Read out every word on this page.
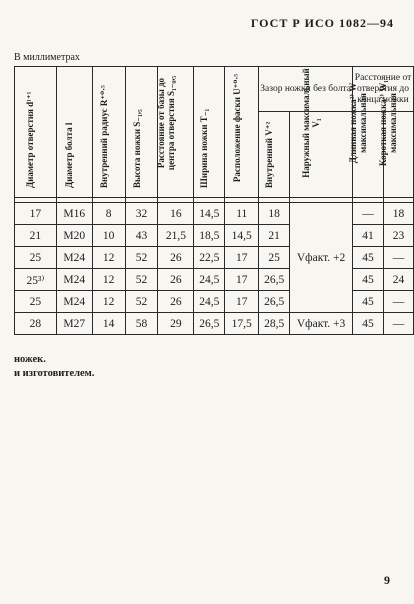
ГОСТ Р ИСО 1082—94
В миллиметрах
Диаметр отверстия d¹⁺¹	Диаметр болта l	Внутренний радиус R⁺⁰·⁵	Высота ножки S₋₁,₅	Расстояние от базы до центра отверстия S₁₋₀,₅	Ширина ножки T₋₁	Расположение фаски U⁺⁰·⁵	Зазор ножки без болта		Расстояние от отверстия до конца ножки	

							Внутренний V⁺²	Наружный максимальный V₁	Длинная ножка²⁾ W максимальная	Короткая ножка²⁾ W₁ максимальная

17	M16	8	32	16	14,5	11	18	Vфакт. +2	—	18
21	M20	10	43	21,5	18,5	14,5	21		41	23
25	M24	12	52	26	22,5	17	25		45	—
25³⁾	M24	12	52	26	24,5	17	26,5		45	24
25	M24	12	52	26	24,5	17	26,5		45	—
28	M27	14	58	29	26,5	17,5	28,5	Vфакт. +3	45	—
ножек.
и изготовителем.
9
